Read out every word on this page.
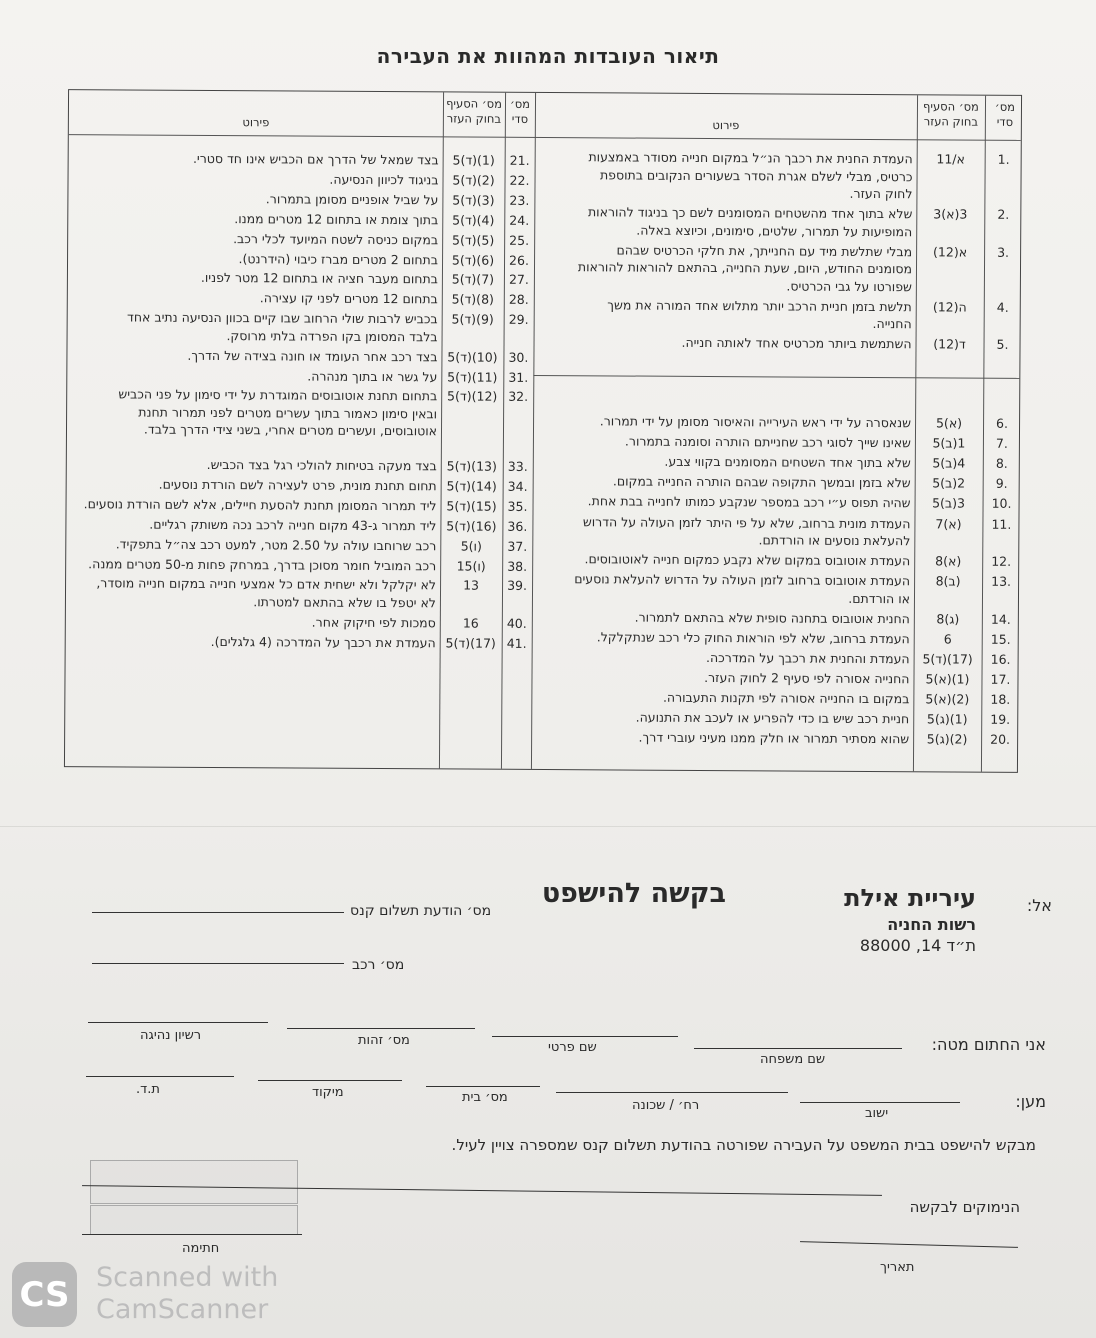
תיאור העובדות המהוות את העבירה
מס׳ סדי
מס׳ הסעיף בחוק העזר
פירוט
מס׳ סדי
מס׳ הסעיף בחוק העזר
פירוט
.1
א/11
העמדת החנית את רכבך הנ״ל במקום חנייה מסודר באמצעות
כרטיס, מבלי לשלם אגרת הסדר בשעורים הנקובים בתוספת
לחוק העזר.
.2
3(א)3
שלא בתוך אחד מהשטחים המסומנים לשם כך בניגוד להוראות
המופיעות על תמרור, שלטים, סימונים, וכיוצא באלה.
.3
(12)א
מבלי שתלשת מיד עם החנייתך, את חלקי הכרטיס שבהם
מסומנים החודש, היום, שעת החנייה, בהתאם להוראות להוראות
שפורטו על גבי הכרטיס.
.4
(12)ה
תלשת בזמן חניית הרכב יותר מתלוש אחד המורה את משך
החנייה.
.5
(12)ד
השתמשת ביותר מכרטיס אחד לאותה חנייה.
.6
5(א)
שנאסרה על ידי ראש העירייה והאיסור מסומן על ידי תמרור.
.7
5(ב)1
שאינו שייך לסוגי רכב שחנייתם הותרה וסומנה בתמרור.
.8
5(ב)4
שלא בתוך אחד השטחים המסומנים בקווי צבע.
.9
5(ב)2
שלא בזמן ובמשך התקופה שבהם הותרה החנייה במקום.
.10
5(ב)3
שהיה תפוס ע״י רכב במספר שנקבע כמותו לחנייה בבת אחת.
.11
7(א)
העמדת מונית ברחוב, שלא על פי היתר לזמן העולה על הדרוש
להעלאת נוסעים או הורדתם.
.12
8(א)
העמדת אוטובוס במקום שלא נקבע כמקום חנייה לאוטובוסים.
.13
8(ב)
העמדת אוטובוס ברחוב לזמן העולה על הדרוש להעלאת נוסעים
או הורדתם.
.14
8(ג)
החנית אוטובוס בתחנה סופית שלא בהתאם לתמרור.
.15
6
העמדת ברחוב, שלא לפי הוראות החוק כלי רכב שנתקלקל.
.16
5(ד)(17)
העמדת והחנית את רכבך על המדרכה.
.17
5(א)(1)
החנייה אסורה לפי סעיף 2 לחוק העזר.
.18
5(א)(2)
במקום בו החנייה אסורה לפי תקנות התעבורה.
.19
5(ג)(1)
חניית רכב שיש בו כדי להפריע או לעכב את התנועה.
.20
5(ג)(2)
שהוא מסתיר תמרור או חלק ממנו מעיני עוברי דרך.
.21
5(ד)(1)
בצד שמאל של הדרך אם הכביש אינו חד סטרי.
.22
5(ד)(2)
בניגוד לכיוון הנסיעה.
.23
5(ד)(3)
על שביל אופניים מסומן בתמרור.
.24
5(ד)(4)
בתוך צומת או בתחום 12 מטרים ממנו.
.25
5(ד)(5)
במקום כניסה לשטח המיועד לכלי רכב.
.26
5(ד)(6)
בתחום 2 מטרים מברז כיבוי (הידרנט).
.27
5(ד)(7)
בתחום מעבר חציה או בתחום 12 מטר לפניו.
.28
5(ד)(8)
בתחום 12 מטרים לפני קו עצירה.
.29
5(ד)(9)
בכביש לרבות שולי הרחוב שבו קיים בכוון הנסיעה נתיב אחד
בלבד המסומן בקו הפרדה בלתי מרוסק.
.30
5(ד)(10)
בצד רכב אחר העומד או חונה בצידה של הדרך.
.31
5(ד)(11)
על גשר או בתוך מנהרה.
.32
5(ד)(12)
בתחום תחנת אוטובוסים המוגדרת על ידי סימון על פני הכביש
ובאין סימון כאמור בתוך עשרים מטרים לפני תמרור תחנת
אוטובוסים, ועשרים מטרים אחרי, בשני צידי הדרך בלבד.
.33
5(ד)(13)
בצד מעקה בטיחות להולכי רגל בצד הכביש.
.34
5(ד)(14)
תחום תחנת מונית, פרט לעצירה לשם הורדת נוסעים.
.35
5(ד)(15)
ליד תמרור המסומן תחנת להסעת חיילים, אלא לשם הורדת נוסעים.
.36
5(ד)(16)
ליד תמרור ג-43 מקום חנייה לרכב נכה משותק רגליים.
.37
5(ו)
רכב שרוחבו עולה על 2.50 מטר, למעט רכב צה״ל בתפקיד.
.38
15(ו)
רכב המוביל חומר מסוכן בדרך, במרחק פחות מ-50 מטרים ממנה.
.39
13
לא יקלקל ולא ישחית אדם כל אמצעי חנייה במקום חנייה מוסדר,
לא יטפל בו שלא בהתאם למטרתו.
.40
16
סמכות לפי חיקוק אחר.
.41
5(ד)(17)
העמדת את רכבך על המדרכה (4 גלגלים).
אל:
עיריית אילת
רשות החניה
ת״ד 14, 88000
בקשה להישפט
מס׳ הודעת תשלום קנס
מס׳ רכב
אני החתום מטה:
שם משפחה
שם פרטי
מס׳ זהות
רשיון נהיגה
מען:
ישוב
רח׳ / שכונה
מס׳ בית
מיקוד
ת.ד.
מבקש להישפט בבית המשפט על העבירה שפורטה בהודעת תשלום קנס שמספרה צויין לעיל.
הנימוקים לבקשה
תאריך
חתימה
CS Scanned with
CamScanner
